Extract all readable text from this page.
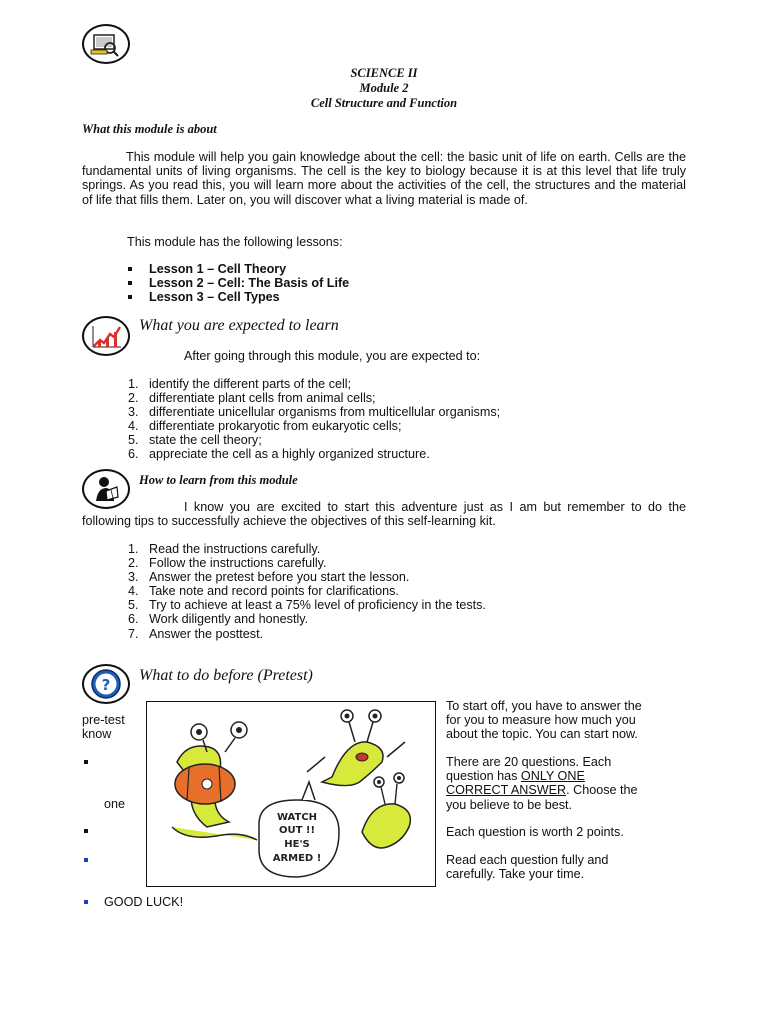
SCIENCE II
Module 2
Cell Structure and Function
What this module is about
This module will help you gain knowledge about the cell: the basic unit of life on earth. Cells are the fundamental units of living organisms. The cell is the key to biology because it is at this level that life truly springs. As you read this, you will learn more about the activities of the cell, the structures and the material of life that fills them. Later on, you will discover what a living material is made of.
This module has the following lessons:
Lesson 1 – Cell Theory
Lesson 2 – Cell: The Basis of Life
Lesson 3 – Cell Types
What you are expected to learn
After going through this module, you are expected to:
1. identify the different parts of the cell;
2. differentiate plant cells from animal cells;
3. differentiate unicellular organisms from multicellular organisms;
4. differentiate prokaryotic from eukaryotic cells;
5. state the cell theory;
6. appreciate the cell as a highly organized structure.
How to learn from this module
I know you are excited to start this adventure just as I am but remember to do the following tips to successfully achieve the objectives of this self-learning kit.
1. Read the instructions carefully.
2. Follow the instructions carefully.
3. Answer the pretest before you start the lesson.
4. Take note and record points for clarifications.
5. Try to achieve at least a 75% level of proficiency in the tests.
6. Work diligently and honestly.
7. Answer the posttest.
?
What to do before (Pretest)
pre-test
know
To start off, you have to answer the
for you to measure how much you
about the topic. You can start now.
There are 20 questions. Each
question has ONLY ONE
CORRECT ANSWER. Choose the
you believe to be best.
one
Each question is worth 2 points.
Read each question fully and
carefully. Take your time.
GOOD LUCK!
WATCH
OUT !!
HE'S
ARMED !
